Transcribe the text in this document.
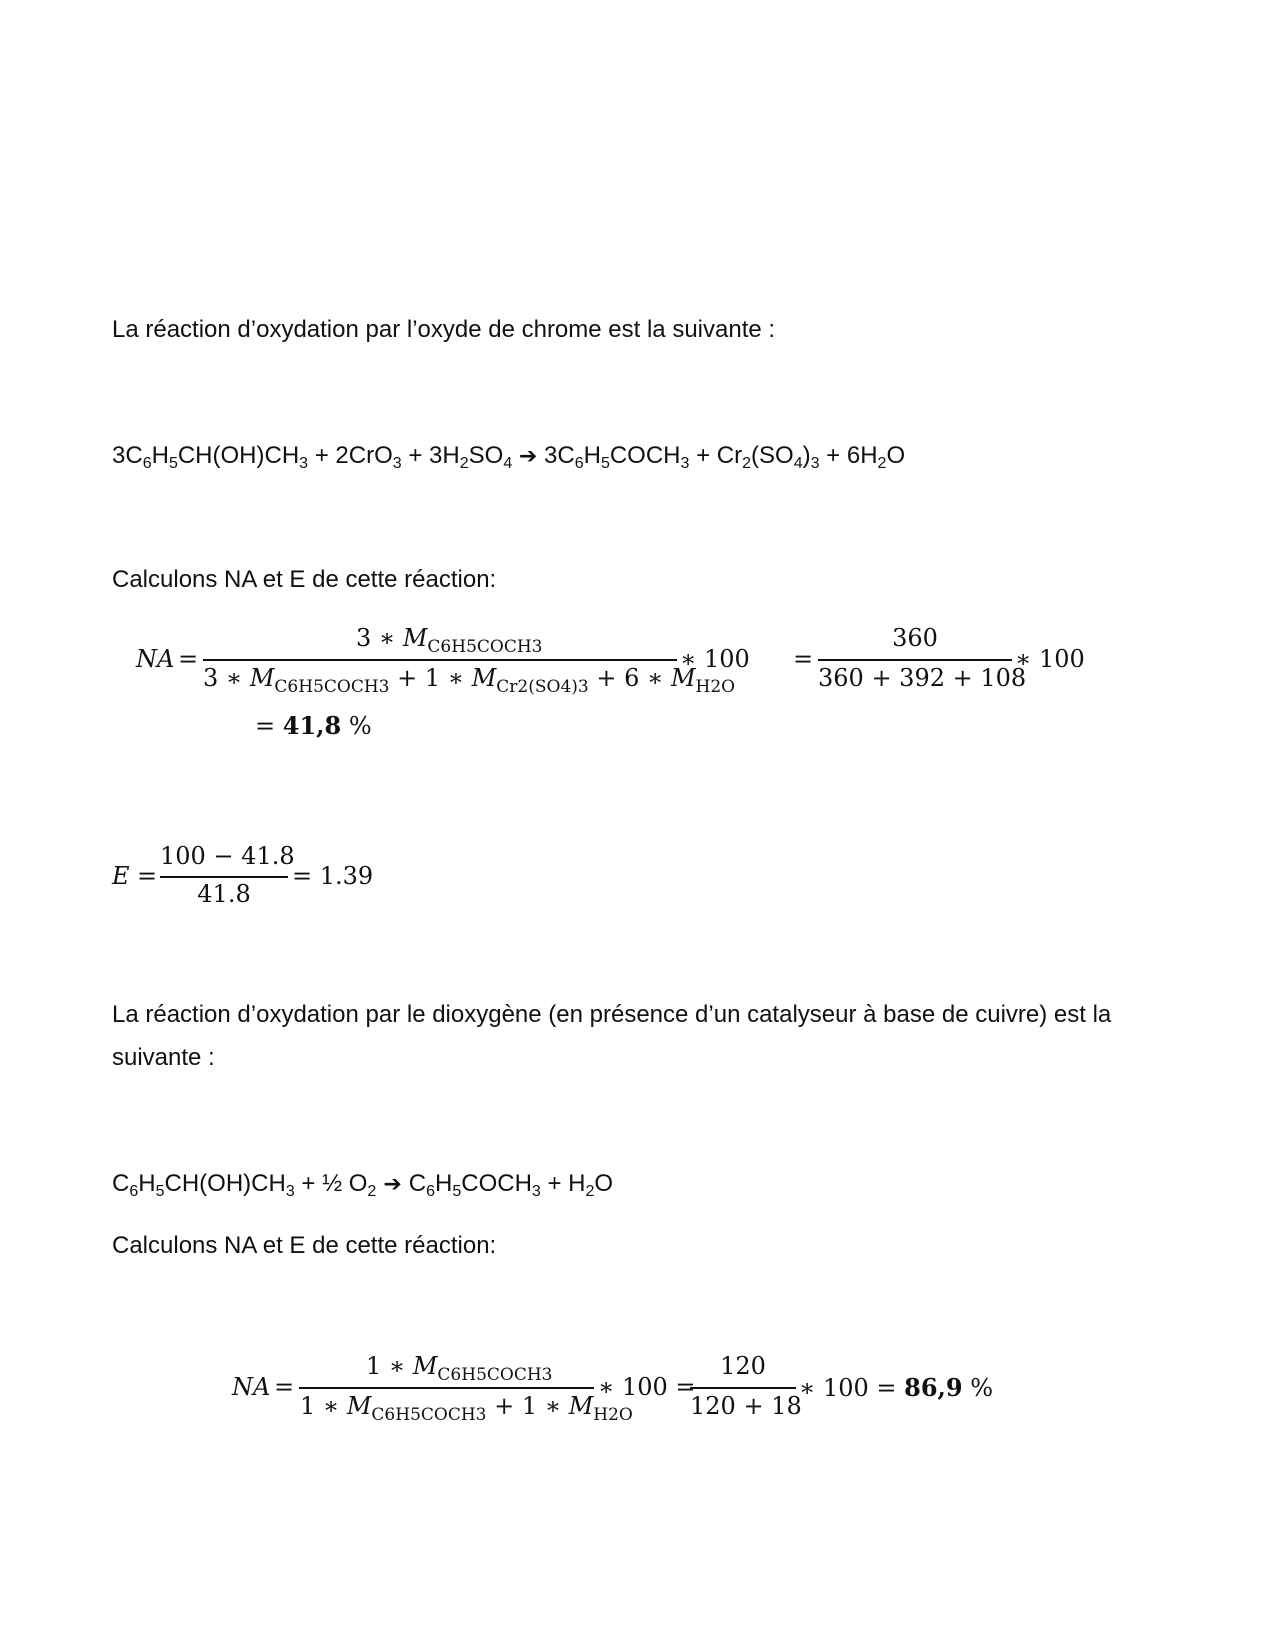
La réaction d’oxydation par l’oxyde de chrome est la suivante :
$3C_6H_5CH(OH)CH_3 + 2CrO_3 + 3H_2SO_4$ ➔ $3C_6H_5COCH_3 + Cr_2(SO_4)_3 + 6H_2O$
Calculons NA et E de cette réaction:
NA =
3 ∗ $M_{C6H5COCH3}$
3 ∗ $M_{C6H5COCH3} + 1$ ∗ $M_{Cr2(SO4)3} + 6$ ∗ $M_{H2O}$
∗ 100 =
360
360 + 392 + 108
∗ 100
= 41,8 %
E =
100 − 41.8
41.8
= 1.39
La réaction d’oxydation par le dioxygène (en présence d’un catalyseur à base de cuivre) est la
suivante :
$C_6H_5CH(OH)CH_3$ + ½ $O_2$ ➔ $C_6H_5COCH_3 + H_2O$
Calculons NA et E de cette réaction:
NA =
1 ∗ $M_{C6H5COCH3}$
1 ∗ $M_{C6H5COCH3} + 1$ ∗ $M_{H2O}$
∗ 100 =
120
120 + 18
∗ 100 = 86,9 %
